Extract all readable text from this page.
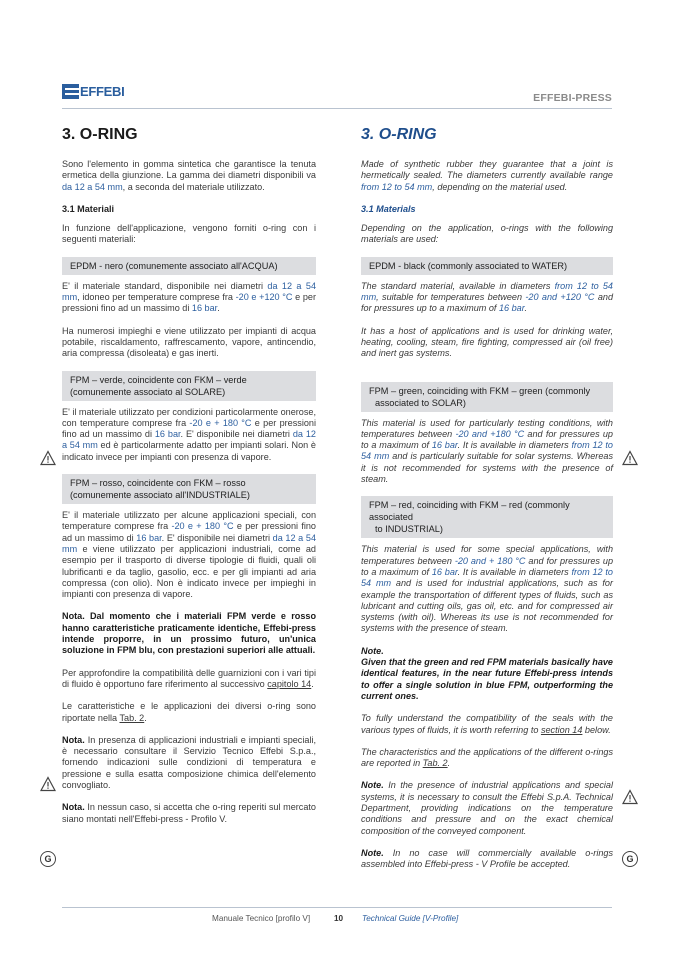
EFFEBI	EFFEBI-PRESS
3. O-RING

Sono l'elemento in gomma sintetica che garantisce la tenuta ermetica della giunzione. La gamma dei diametri disponibili va da 12 a 54 mm, a seconda del materiale utilizzato.

3.1 Materiali

In funzione dell'applicazione, vengono forniti o-ring con i seguenti materiali:

EPDM - nero (comunemente associato all'ACQUA)

E' il materiale standard, disponibile nei diametri da 12 a 54 mm, idoneo per temperature comprese fra -20 e +120 °C e per pressioni fino ad un massimo di 16 bar.

Ha numerosi impieghi e viene utilizzato per impianti di acqua potabile, riscaldamento, raffrescamento, vapore, antincendio, aria compressa (disoleata) e gas inerti.

FPM – verde, coincidente con FKM – verde
(comunemente associato al SOLARE)

E' il materiale utilizzato per condizioni particolarmente onerose, con temperature comprese fra -20 e + 180 °C e per pressioni fino ad un massimo di 16 bar. E' disponibile nei diametri da 12 a 54 mm ed è particolarmente adatto per impianti solari. Non è indicato invece per impianti con presenza di vapore.

FPM – rosso, coincidente con FKM – rosso
(comunemente associato all'INDUSTRIALE)

E' il materiale utilizzato per alcune applicazioni speciali, con temperature comprese fra -20 e + 180 °C e per pressioni fino ad un massimo di 16 bar. E' disponibile nei diametri da 12 a 54 mm e viene utilizzato per applicazioni industriali, come ad esempio per il trasporto di diverse tipologie di fluidi, quali oli lubrificanti e da taglio, gasolio, ecc. e per gli impianti ad aria compressa (con olio). Non è indicato invece per impieghi in impianti con presenza di vapore.

Nota. Dal momento che i materiali FPM verde e rosso hanno caratteristiche praticamente identiche, Effebi-press intende proporre, in un prossimo futuro, un'unica soluzione in FPM blu, con prestazioni superiori alle attuali.

Per approfondire la compatibilità delle guarnizioni con i vari tipi di fluido è opportuno fare riferimento al successivo capitolo 14.

Le caratteristiche e le applicazioni dei diversi o-ring sono riportate nella Tab. 2.

Nota. In presenza di applicazioni industriali e impianti speciali, è necessario consultare il Servizio Tecnico Effebi S.p.a., fornendo indicazioni sulle condizioni di temperatura e pressione e sulla esatta composizione chimica dell'elemento convogliato.

Nota. In nessun caso, si accetta che o-ring reperiti sul mercato siano montati nell'Effebi-press - Profilo V.

3. O-RING

Made of synthetic rubber they guarantee that a joint is hermetically sealed. The diameters currently available range from 12 to 54 mm, depending on the material used.

3.1 Materials

Depending on the application, o-rings with the following materials are used:

EPDM - black (commonly associated to WATER)

The standard material, available in diameters from 12 to 54 mm, suitable for temperatures between -20 and +120 °C and for pressures up to a maximum of 16 bar.

It has a host of applications and is used for drinking water, heating, cooling, steam, fire fighting, compressed air (oil free) and inert gas systems.

FPM – green, coinciding with FKM – green (commonly
associated to SOLAR)

This material is used for particularly testing conditions, with temperatures between -20 and +180 °C and for pressures up to a maximum of 16 bar. It is available in diameters from 12 to 54 mm and is particularly suitable for solar systems. Whereas it is not recommended for systems with the presence of steam.

FPM – red, coinciding with FKM – red (commonly associated
to INDUSTRIAL)

This material is used for some special applications, with temperatures between -20 and + 180 °C and for pressures up to a maximum of 16 bar. It is available in diameters from 12 to 54 mm and is used for industrial applications, such as for example the transportation of different types of fluids, such as lubricant and cutting oils, gas oil, etc. and for compressed air systems (with oil). Whereas its use is not recommended for systems with the presence of steam.

Note.

Given that the green and red FPM materials basically have identical features, in the near future Effebi-press intends to offer a single solution in blue FPM, outperforming the current ones.

To fully understand the compatibility of the seals with the various types of fluids, it is worth referring to section 14 below.

The characteristics and the applications of the different o-rings are reported in Tab. 2.

Note. In the presence of industrial applications and special systems, it is necessary to consult the Effebi S.p.A. Technical Department, providing indications on the temperature conditions and pressure and on the exact chemical composition of the conveyed component.

Note. In no case will commercially available o-rings assembled into Effebi-press - V Profile be accepted.

G	G
Manuale Tecnico [profilo V]	10 Technical Guide [V-Profile]
